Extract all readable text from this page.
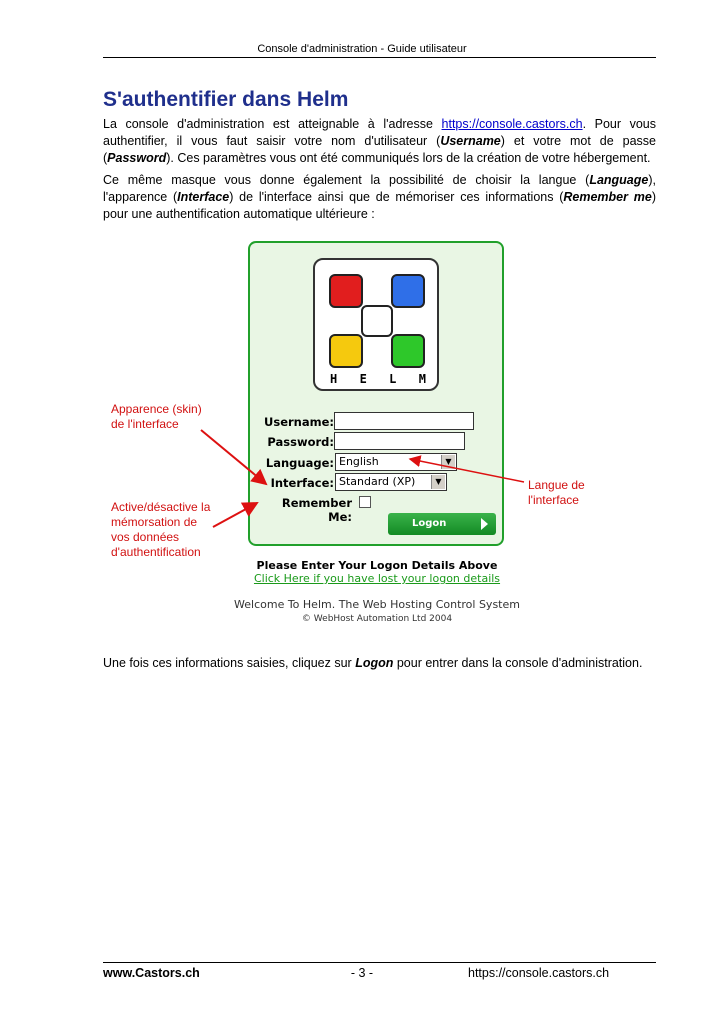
Console d'administration - Guide utilisateur
S'authentifier dans Helm
La console d'administration est atteignable à l'adresse https://console.castors.ch. Pour vous authentifier, il vous faut saisir votre nom d'utilisateur (Username) et votre mot de passe (Password). Ces paramètres vous ont été communiqués lors de la création de votre hébergement.
Ce même masque vous donne également la possibilité de choisir la langue (Language), l'apparence (Interface) de l'interface ainsi que de mémoriser ces informations (Remember me) pour une authentification automatique ultérieure :
H E L M
Username:
Password:
Language: English	▼
Interface: Standard (XP)	▼
Remember Me:	Logon
Please Enter Your Logon Details Above
Click Here if you have lost your logon details
Welcome To Helm. The Web Hosting Control System
© WebHost Automation Ltd 2004
Apparence (skin)
de l'interface
Langue de
l'interface
Active/désactive la
mémorsation de
vos données
d'authentification
Une fois ces informations saisies, cliquez sur Logon pour entrer dans la console d'administration.
www.Castors.ch	- 3 -	https://console.castors.ch
